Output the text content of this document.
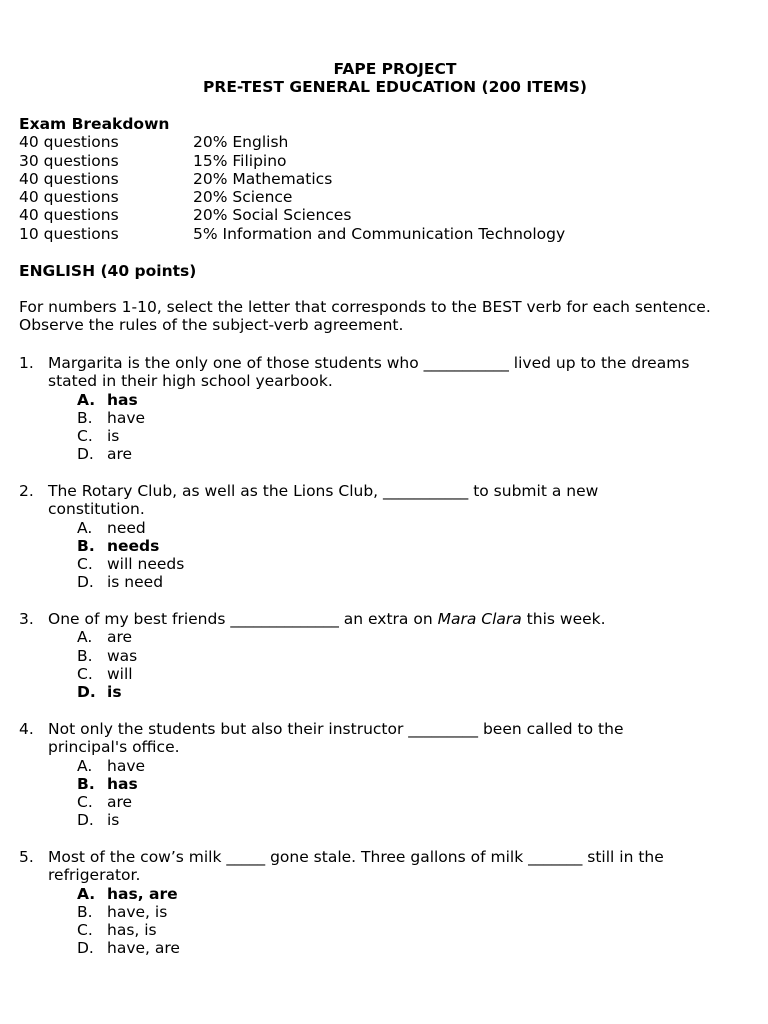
FAPE PROJECT
PRE-TEST GENERAL EDUCATION (200 ITEMS)
Exam Breakdown
40 questions	20% English
30 questions	15% Filipino
40 questions	20% Mathematics
40 questions	20% Science
40 questions	20% Social Sciences
10 questions	5% Information and Communication Technology
ENGLISH (40 points)
For numbers 1-10, select the letter that corresponds to the BEST verb for each sentence. Observe the rules of the subject-verb agreement.
1. Margarita is the only one of those students who ___________ lived up to the dreams
stated in their high school yearbook.
A. has
B. have
C. is
D. are
2. The Rotary Club, as well as the Lions Club, ___________ to submit a new
constitution.
A. need
B. needs
C. will needs
D. is need
3. One of my best friends ______________ an extra on Mara Clara this week.
A. are
B. was
C. will
D. is
4. Not only the students but also their instructor _________ been called to the
principal's office.
A. have
B. has
C. are
D. is
5. Most of the cow’s milk _____ gone stale. Three gallons of milk _______ still in the
refrigerator.
A. has, are
B. have, is
C. has, is
D. have, are
